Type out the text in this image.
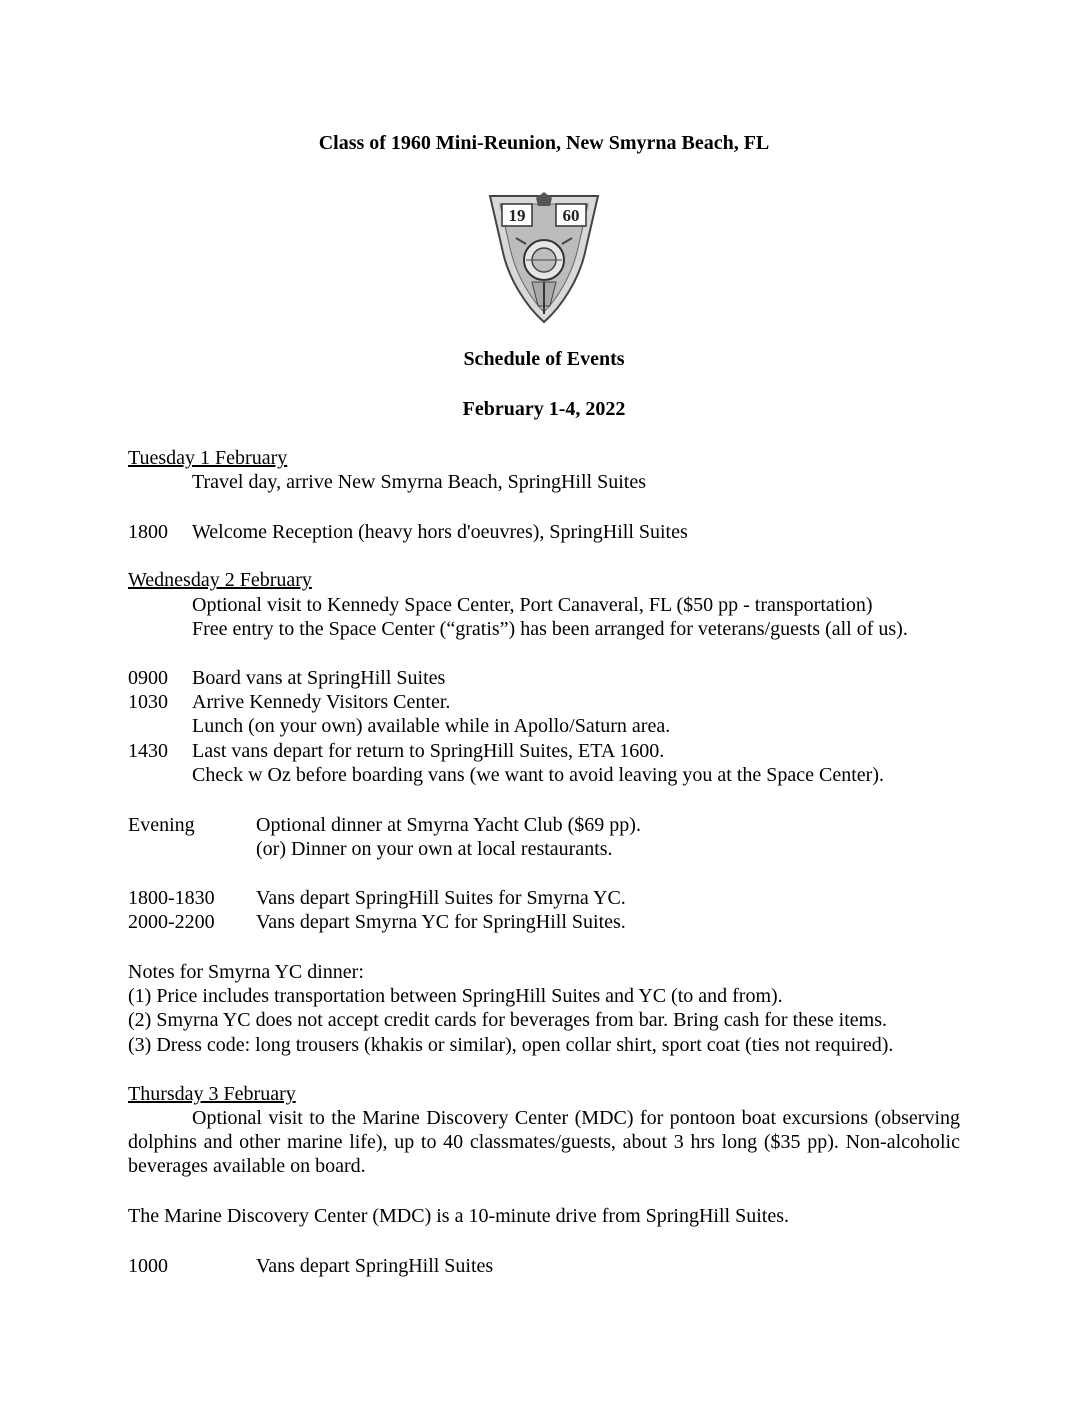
Class of 1960 Mini-Reunion, New Smyrna Beach, FL
19 60
Schedule of Events
February 1-4, 2022
Tuesday 1 February
Travel day, arrive New Smyrna Beach, SpringHill Suites
1800 Welcome Reception (heavy hors d'oeuvres), SpringHill Suites
Wednesday 2 February
Optional visit to Kennedy Space Center, Port Canaveral, FL ($50 pp - transportation)
Free entry to the Space Center (“gratis”) has been arranged for veterans/guests (all of us).
0900 Board vans at SpringHill Suites
1030 Arrive Kennedy Visitors Center.
Lunch (on your own) available while in Apollo/Saturn area.
1430 Last vans depart for return to SpringHill Suites, ETA 1600.
Check w Oz before boarding vans (we want to avoid leaving you at the Space Center).
Evening	Optional dinner at Smyrna Yacht Club ($69 pp).
(or) Dinner on your own at local restaurants.
1800-1830 Vans depart SpringHill Suites for Smyrna YC.
2000-2200 Vans depart Smyrna YC for SpringHill Suites.
Notes for Smyrna YC dinner:
(1) Price includes transportation between SpringHill Suites and YC (to and from).
(2) Smyrna YC does not accept credit cards for beverages from bar. Bring cash for these items.
(3) Dress code: long trousers (khakis or similar), open collar shirt, sport coat (ties not required).
Thursday 3 February
Optional visit to the Marine Discovery Center (MDC) for pontoon boat excursions (observing dolphins and other marine life), up to 40 classmates/guests, about 3 hrs long ($35 pp). Non-alcoholic beverages available on board.
The Marine Discovery Center (MDC) is a 10-minute drive from SpringHill Suites.
1000	Vans depart SpringHill Suites
